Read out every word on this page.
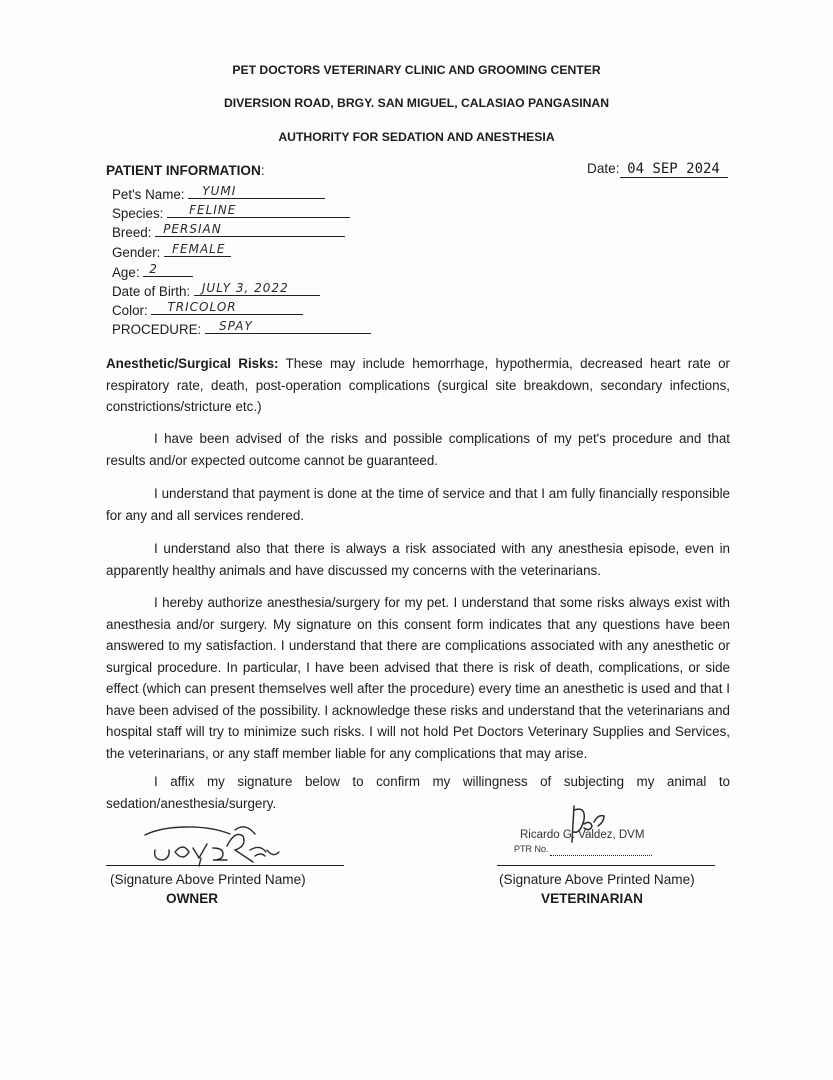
PET DOCTORS VETERINARY CLINIC AND GROOMING CENTER
DIVERSION ROAD, BRGY. SAN MIGUEL, CALASIAO PANGASINAN
AUTHORITY FOR SEDATION AND ANESTHESIA
PATIENT INFORMATION:	Date: 04 SEP 2024
Pet's Name: YUMI
Species: FELINE
Breed: PERSIAN
Gender: FEMALE
Age: 2
Date of Birth: JULY 3, 2022
Color: TRICOLOR
PROCEDURE: SPAY

Anesthetic/Surgical Risks: These may include hemorrhage, hypothermia, decreased heart rate or respiratory rate, death, post-operation complications (surgical site breakdown, secondary infections, constrictions/stricture etc.)

I have been advised of the risks and possible complications of my pet's procedure and that results and/or expected outcome cannot be guaranteed.

I understand that payment is done at the time of service and that I am fully financially responsible for any and all services rendered.

I understand also that there is always a risk associated with any anesthesia episode, even in apparently healthy animals and have discussed my concerns with the veterinarians.

I hereby authorize anesthesia/surgery for my pet. I understand that some risks always exist with anesthesia and/or surgery. My signature on this consent form indicates that any questions have been answered to my satisfaction. I understand that there are complications associated with any anesthetic or surgical procedure. In particular, I have been advised that there is risk of death, complications, or side effect (which can present themselves well after the procedure) every time an anesthetic is used and that I have been advised of the possibility. I acknowledge these risks and understand that the veterinarians and hospital staff will try to minimize such risks. I will not hold Pet Doctors Veterinary Supplies and Services, the veterinarians, or any staff member liable for any complications that may arise.

I affix my signature below to confirm my willingness of subjecting my animal to sedation/anesthesia/surgery.

(Signature Above Printed Name)
OWNER
Ricardo G. Valdez, DVM
PTR No.
(Signature Above Printed Name)
VETERINARIAN
